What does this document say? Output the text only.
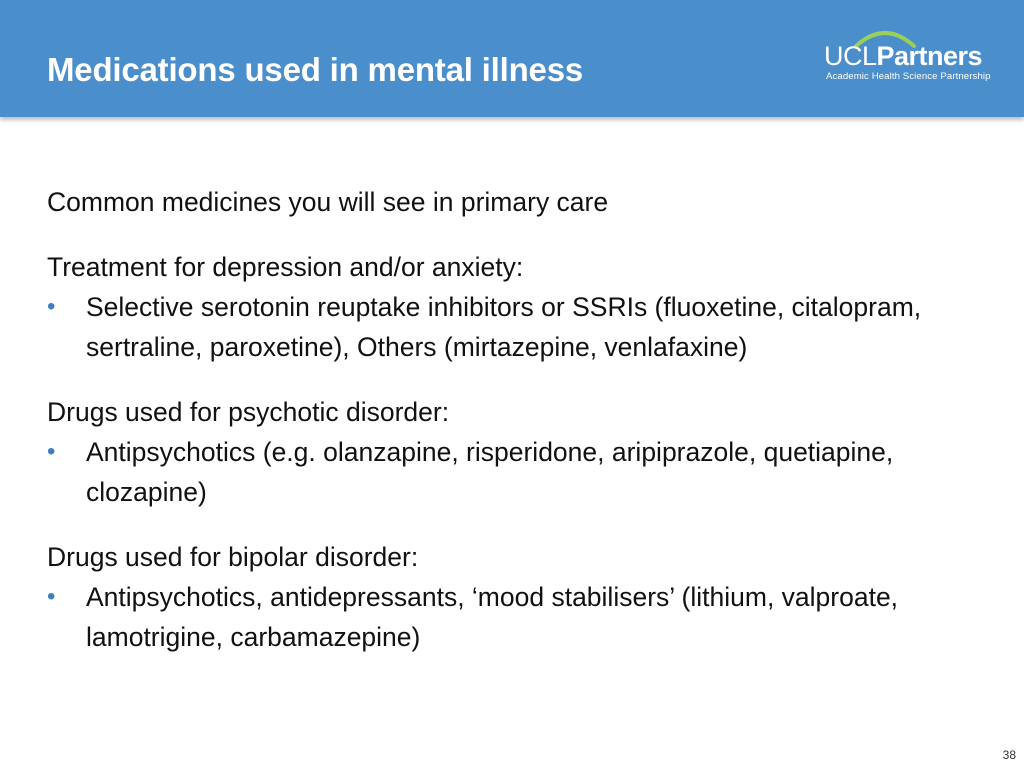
Medications used in mental illness	UCLPartners
Academic Health Science Partnership

Common medicines you will see in primary care

Treatment for depression and/or anxiety:

• Selective serotonin reuptake inhibitors or SSRIs (fluoxetine, citalopram, sertraline, paroxetine), Others (mirtazepine, venlafaxine)

Drugs used for psychotic disorder:

• Antipsychotics (e.g. olanzapine, risperidone, aripiprazole, quetiapine, clozapine)

Drugs used for bipolar disorder:

• Antipsychotics, antidepressants, ‘mood stabilisers’ (lithium, valproate, lamotrigine, carbamazepine)

38
